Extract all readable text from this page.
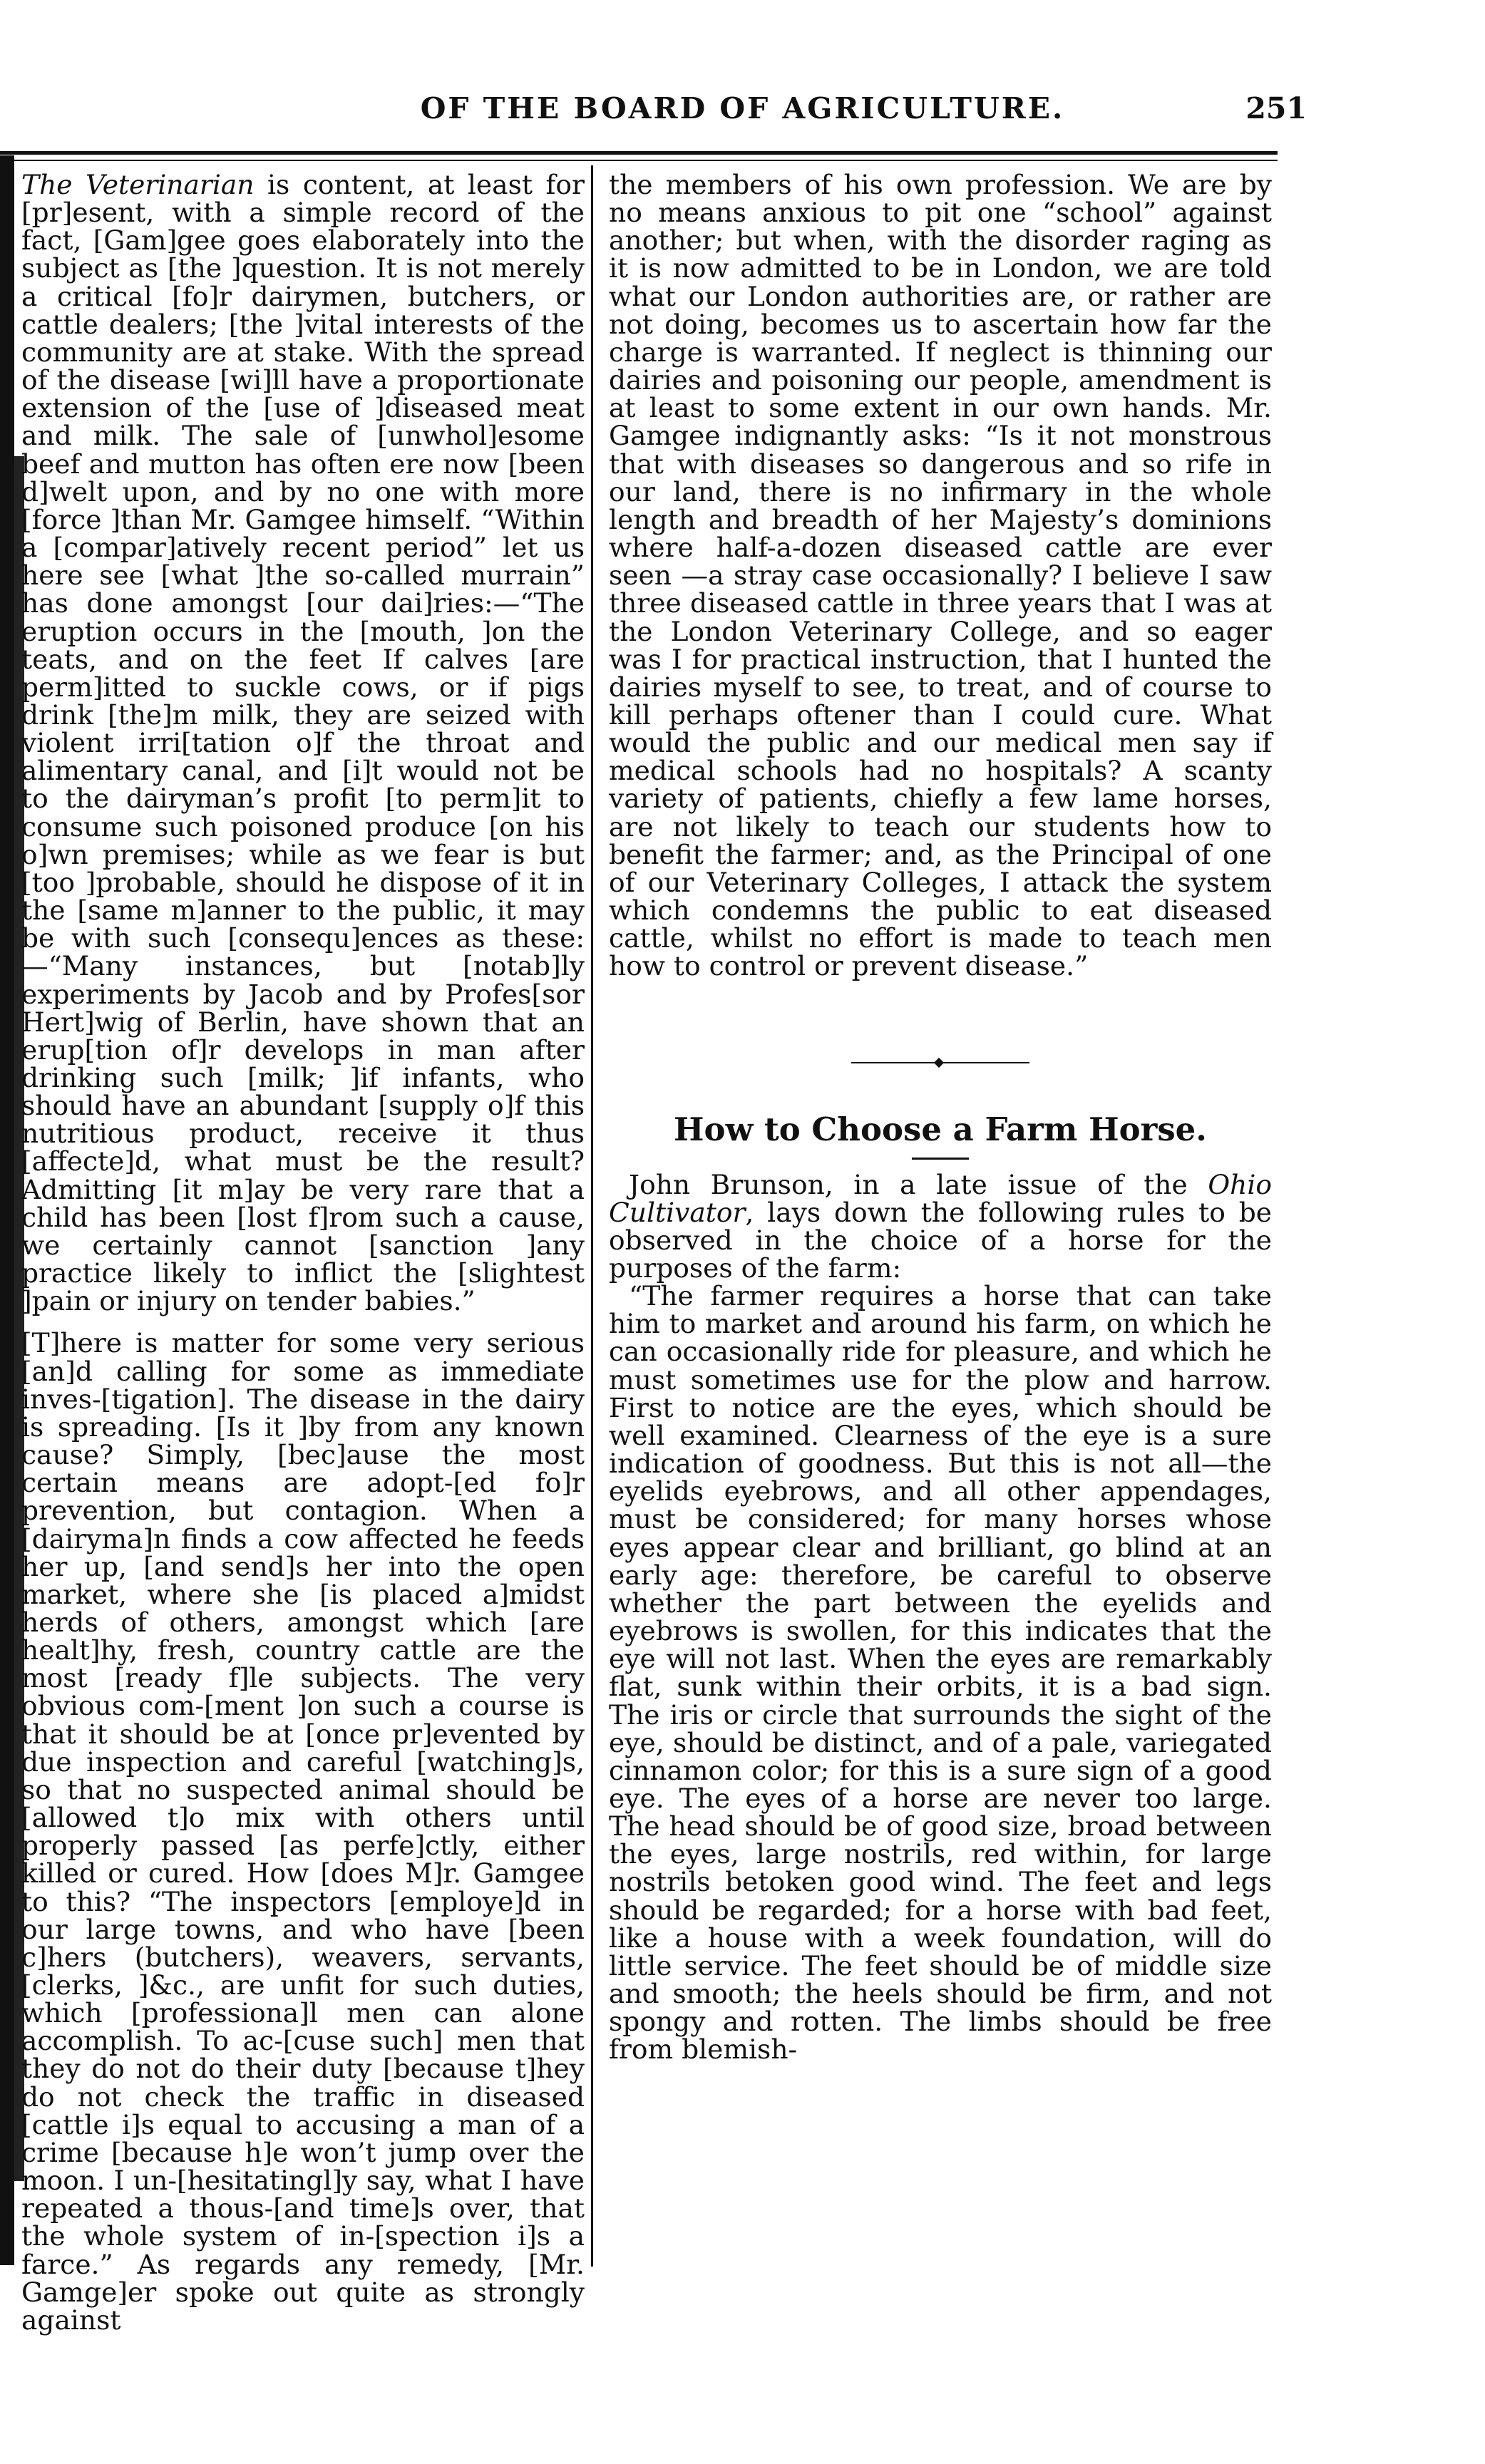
OF THE BOARD OF AGRICULTURE.	251

The Veterinarian is content, at least for [pr]esent, with a simple record of the fact, [Gam]gee goes elaborately into the subject as [the ]question. It is not merely a critical [fo]r dairymen, butchers, or cattle dealers; [the ]vital interests of the community are at stake. With the spread of the disease [wi]ll have a proportionate extension of the [use of ]diseased meat and milk. The sale of [unwhol]esome beef and mutton has often ere now [been d]welt upon, and by no one with more [force ]than Mr. Gamgee himself. “Within a [compar]atively recent period” let us here see [what ]the so-called murrain” has done amongst [our dai]ries:—“The eruption occurs in the [mouth, ]on the teats, and on the feet If calves [are perm]itted to suckle cows, or if pigs drink [the]m milk, they are seized with violent irri[tation o]f the throat and alimentary canal, and [i]t would not be to the dairyman’s profit [to perm]it to consume such poisoned produce [on his o]wn premises; while as we fear is but [too ]probable, should he dispose of it in the [same m]anner to the public, it may be with such [consequ]ences as these:—“Many instances, but [notab]ly experiments by Jacob and by Profes[sor Hert]wig of Berlin, have shown that an erup[tion of]r develops in man after drinking such [milk; ]if infants, who should have an abundant [supply o]f this nutritious product, receive it thus [affecte]d, what must be the result? Admitting [it m]ay be very rare that a child has been [lost f]rom such a cause, we certainly cannot [sanction ]any practice likely to inflict the [slightest ]pain or injury on tender babies.”

[T]here is matter for some very serious [an]d calling for some as immediate inves-[tigation]. The disease in the dairy is spreading. [Is it ]by from any known cause? Simply, [bec]ause the most certain means are adopt-[ed fo]r prevention, but contagion. When a [dairyma]n finds a cow affected he feeds her up, [and send]s her into the open market, where she [is placed a]midst herds of others, amongst which [are healt]hy, fresh, country cattle are the most [ready f]le subjects. The very obvious com-[ment ]on such a course is that it should be at [once pr]evented by due inspection and careful [watching]s, so that no suspected animal should be [allowed t]o mix with others until properly passed [as perfe]ctly, either killed or cured. How [does M]r. Gamgee to this? “The inspectors [employe]d in our large towns, and who have [been c]hers (butchers), weavers, servants, [clerks, ]&c., are unfit for such duties, which [professiona]l men can alone accomplish. To ac-[cuse such] men that they do not do their duty [because t]hey do not check the traffic in diseased [cattle i]s equal to accusing a man of a crime [because h]e won’t jump over the moon. I un-[hesitatingl]y say, what I have repeated a thous-[and time]s over, that the whole system of in-[spection i]s a farce.” As regards any remedy, [Mr. Gamge]er spoke out quite as strongly against

the members of his own profession. We are by no means anxious to pit one “school” against another; but when, with the disorder raging as it is now admitted to be in London, we are told what our London authorities are, or rather are not doing, becomes us to ascertain how far the charge is warranted. If neglect is thinning our dairies and poisoning our people, amendment is at least to some extent in our own hands. Mr. Gamgee indignantly asks: “Is it not monstrous that with diseases so dangerous and so rife in our land, there is no infirmary in the whole length and breadth of her Majesty’s dominions where half-a-dozen diseased cattle are ever seen —a stray case occasionally? I believe I saw three diseased cattle in three years that I was at the London Veterinary College, and so eager was I for practical instruction, that I hunted the dairies myself to see, to treat, and of course to kill perhaps oftener than I could cure. What would the public and our medical men say if medical schools had no hospitals? A scanty variety of patients, chiefly a few lame horses, are not likely to teach our students how to benefit the farmer; and, as the Principal of one of our Veterinary Colleges, I attack the system which condemns the public to eat diseased cattle, whilst no effort is made to teach men how to control or prevent disease.”

How to Choose a Farm Horse.

John Brunson, in a late issue of the Ohio Cultivator, lays down the following rules to be observed in the choice of a horse for the purposes of the farm:

“The farmer requires a horse that can take him to market and around his farm, on which he can occasionally ride for pleasure, and which he must sometimes use for the plow and harrow. First to notice are the eyes, which should be well examined. Clearness of the eye is a sure indication of goodness. But this is not all—the eyelids eyebrows, and all other appendages, must be considered; for many horses whose eyes appear clear and brilliant, go blind at an early age: therefore, be careful to observe whether the part between the eyelids and eyebrows is swollen, for this indicates that the eye will not last. When the eyes are remarkably flat, sunk within their orbits, it is a bad sign. The iris or circle that surrounds the sight of the eye, should be distinct, and of a pale, variegated cinnamon color; for this is a sure sign of a good eye. The eyes of a horse are never too large. The head should be of good size, broad between the eyes, large nostrils, red within, for large nostrils betoken good wind. The feet and legs should be regarded; for a horse with bad feet, like a house with a week foundation, will do little service. The feet should be of middle size and smooth; the heels should be firm, and not spongy and rotten. The limbs should be free from blemish-
